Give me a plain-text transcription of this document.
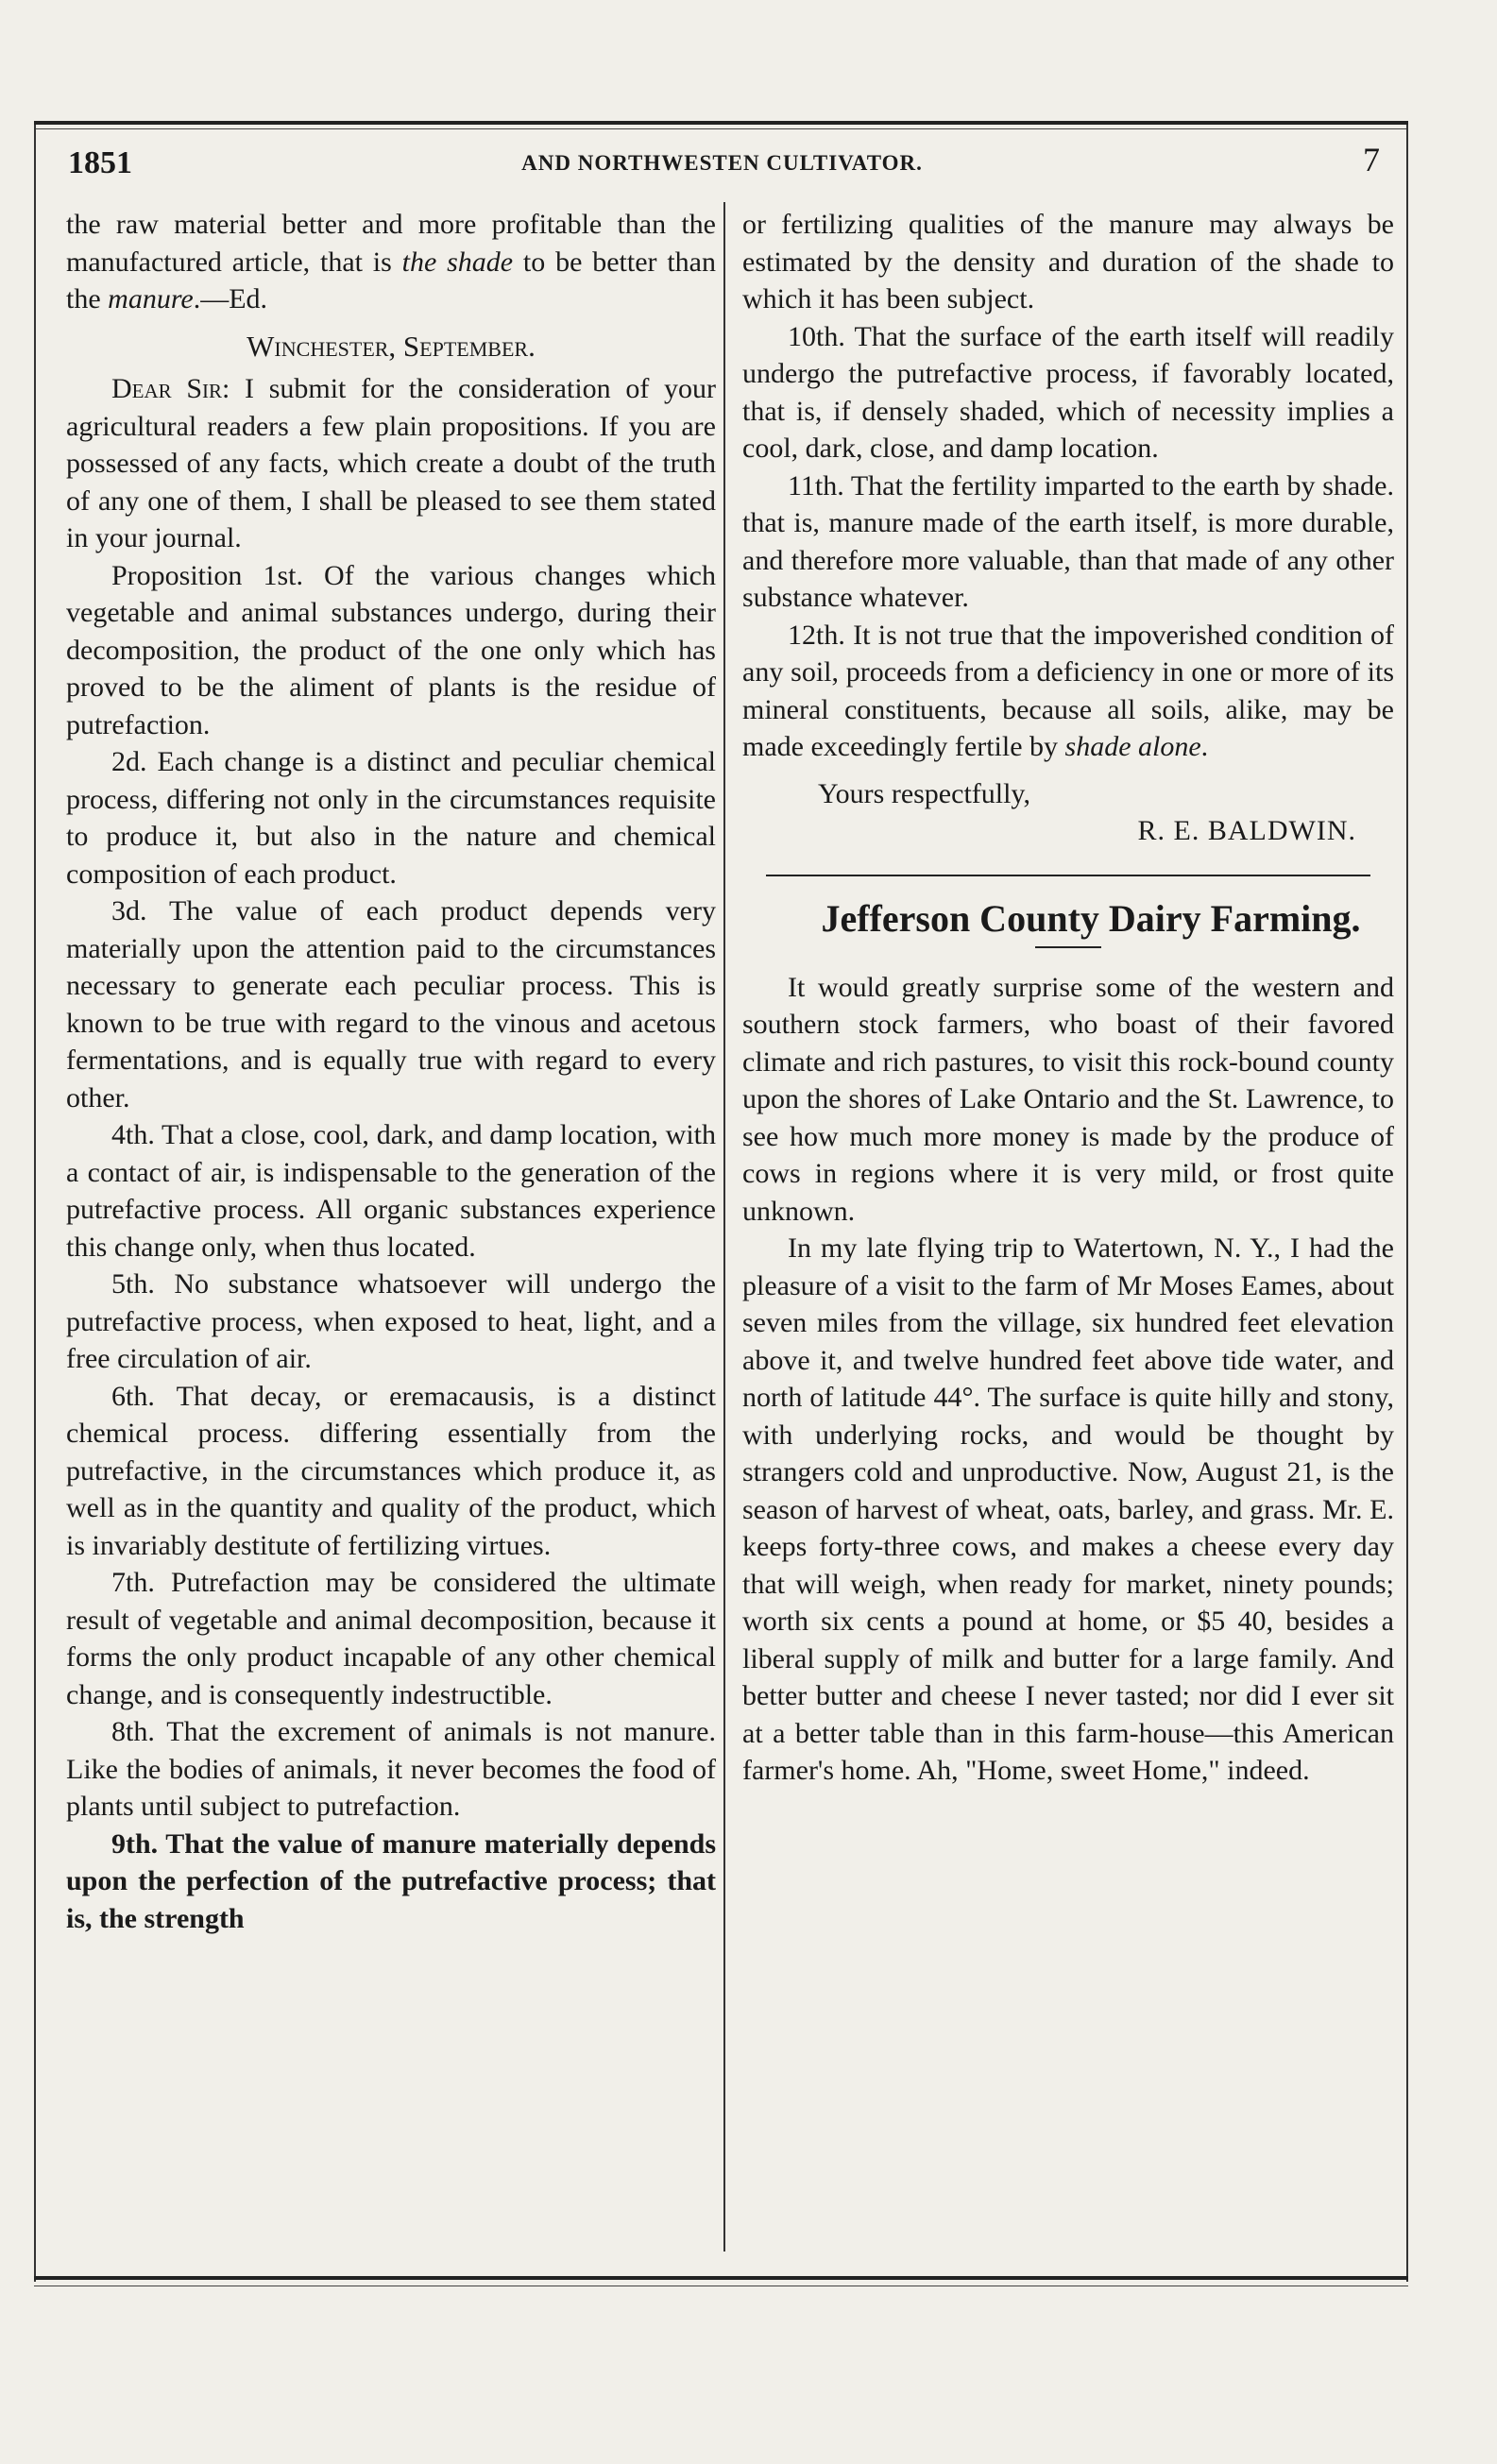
1851	AND NORTHWESTEN CULTIVATOR.	7

the raw material better and more profitable than the manufactured article, that is the shade to be better than the manure.—Ed.

Winchester, September.

Dear Sir: I submit for the consideration of your agricultural readers a few plain propositions. If you are possessed of any facts, which create a doubt of the truth of any one of them, I shall be pleased to see them stated in your journal.

Proposition 1st. Of the various changes which vegetable and animal substances undergo, during their decomposition, the product of the one only which has proved to be the aliment of plants is the residue of putrefaction.

2d. Each change is a distinct and peculiar chemical process, differing not only in the circumstances requisite to produce it, but also in the nature and chemical composition of each product.

3d. The value of each product depends very materially upon the attention paid to the circumstances necessary to generate each peculiar process. This is known to be true with regard to the vinous and acetous fermentations, and is equally true with regard to every other.

4th. That a close, cool, dark, and damp location, with a contact of air, is indispensable to the generation of the putrefactive process. All organic substances experience this change only, when thus located.

5th. No substance whatsoever will undergo the putrefactive process, when exposed to heat, light, and a free circulation of air.

6th. That decay, or eremacausis, is a distinct chemical process. differing essentially from the putrefactive, in the circumstances which produce it, as well as in the quantity and quality of the product, which is invariably destitute of fertilizing virtues.

7th. Putrefaction may be considered the ultimate result of vegetable and animal decomposition, because it forms the only product incapable of any other chemical change, and is consequently indestructible.

8th. That the excrement of animals is not manure. Like the bodies of animals, it never becomes the food of plants until subject to putrefaction.

9th. That the value of manure materially depends upon the perfection of the putrefactive process; that is, the strength

or fertilizing qualities of the manure may always be estimated by the density and duration of the shade to which it has been subject.

10th. That the surface of the earth itself will readily undergo the putrefactive process, if favorably located, that is, if densely shaded, which of necessity implies a cool, dark, close, and damp location.

11th. That the fertility imparted to the earth by shade. that is, manure made of the earth itself, is more durable, and therefore more valuable, than that made of any other substance whatever.

12th. It is not true that the impoverished condition of any soil, proceeds from a deficiency in one or more of its mineral constituents, because all soils, alike, may be made exceedingly fertile by shade alone.

Yours respectfully,

R. E. BALDWIN.

Jefferson County Dairy Farming.

It would greatly surprise some of the western and southern stock farmers, who boast of their favored climate and rich pastures, to visit this rock-bound county upon the shores of Lake Ontario and the St. Lawrence, to see how much more money is made by the produce of cows in regions where it is very mild, or frost quite unknown.

In my late flying trip to Watertown, N. Y., I had the pleasure of a visit to the farm of Mr Moses Eames, about seven miles from the village, six hundred feet elevation above it, and twelve hundred feet above tide water, and north of latitude 44°. The surface is quite hilly and stony, with underlying rocks, and would be thought by strangers cold and unproductive. Now, August 21, is the season of harvest of wheat, oats, barley, and grass. Mr. E. keeps forty-three cows, and makes a cheese every day that will weigh, when ready for market, ninety pounds; worth six cents a pound at home, or $5 40, besides a liberal supply of milk and butter for a large family. And better butter and cheese I never tasted; nor did I ever sit at a better table than in this farm-house—this American farmer's home. Ah, "Home, sweet Home," indeed.
